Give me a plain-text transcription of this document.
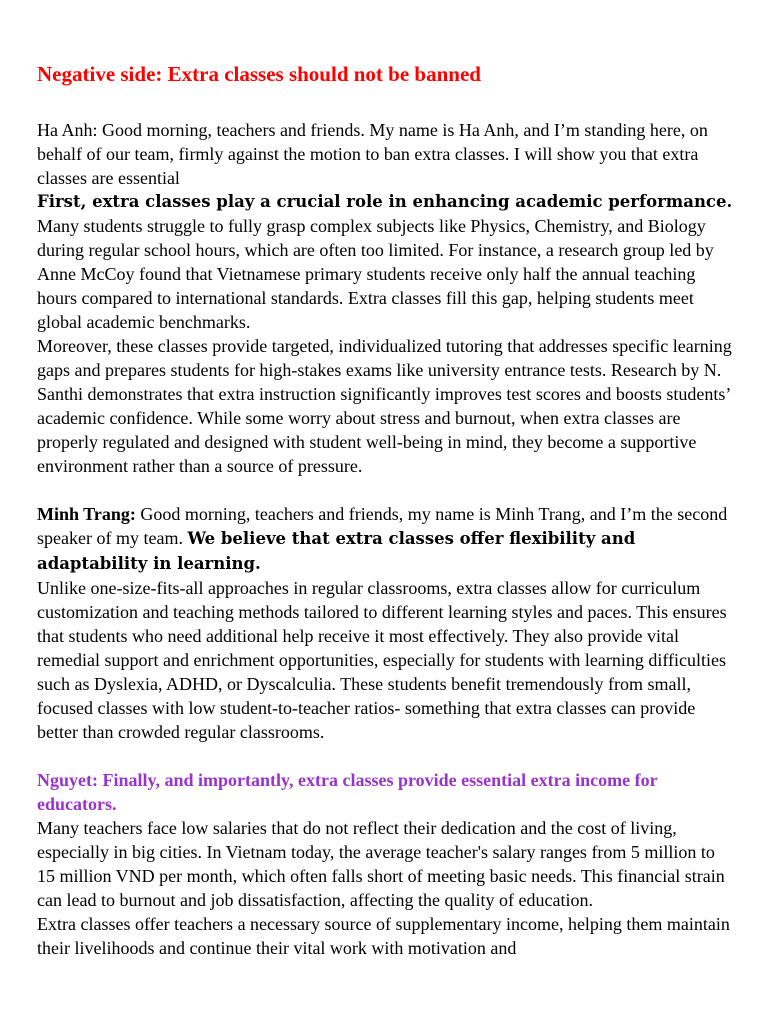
Negative side: Extra classes should not be banned

Ha Anh: Good morning, teachers and friends. My name is Ha Anh, and I’m standing here, on behalf of our team, firmly against the motion to ban extra classes. I will show you that extra classes are essential

First, extra classes play a crucial role in enhancing academic performance.

Many students struggle to fully grasp complex subjects like Physics, Chemistry, and Biology during regular school hours, which are often too limited. For instance, a research group led by Anne McCoy found that Vietnamese primary students receive only half the annual teaching hours compared to international standards. Extra classes fill this gap, helping students meet global academic benchmarks.

Moreover, these classes provide targeted, individualized tutoring that addresses specific learning gaps and prepares students for high-stakes exams like university entrance tests. Research by N. Santhi demonstrates that extra instruction significantly improves test scores and boosts students’ academic confidence. While some worry about stress and burnout, when extra classes are properly regulated and designed with student well-being in mind, they become a supportive environment rather than a source of pressure.

Minh Trang: Good morning, teachers and friends, my name is Minh Trang, and I’m the second speaker of my team. We believe that extra classes offer flexibility and adaptability in learning.

Unlike one-size-fits-all approaches in regular classrooms, extra classes allow for curriculum customization and teaching methods tailored to different learning styles and paces. This ensures that students who need additional help receive it most effectively. They also provide vital remedial support and enrichment opportunities, especially for students with learning difficulties such as Dyslexia, ADHD, or Dyscalculia. These students benefit tremendously from small, focused classes with low student-to-teacher ratios- something that extra classes can provide better than crowded regular classrooms.

Nguyet: Finally, and importantly, extra classes provide essential extra income for educators.

Many teachers face low salaries that do not reflect their dedication and the cost of living, especially in big cities. In Vietnam today, the average teacher's salary ranges from 5 million to 15 million VND per month, which often falls short of meeting basic needs. This financial strain can lead to burnout and job dissatisfaction, affecting the quality of education.

Extra classes offer teachers a necessary source of supplementary income, helping them maintain their livelihoods and continue their vital work with motivation and
